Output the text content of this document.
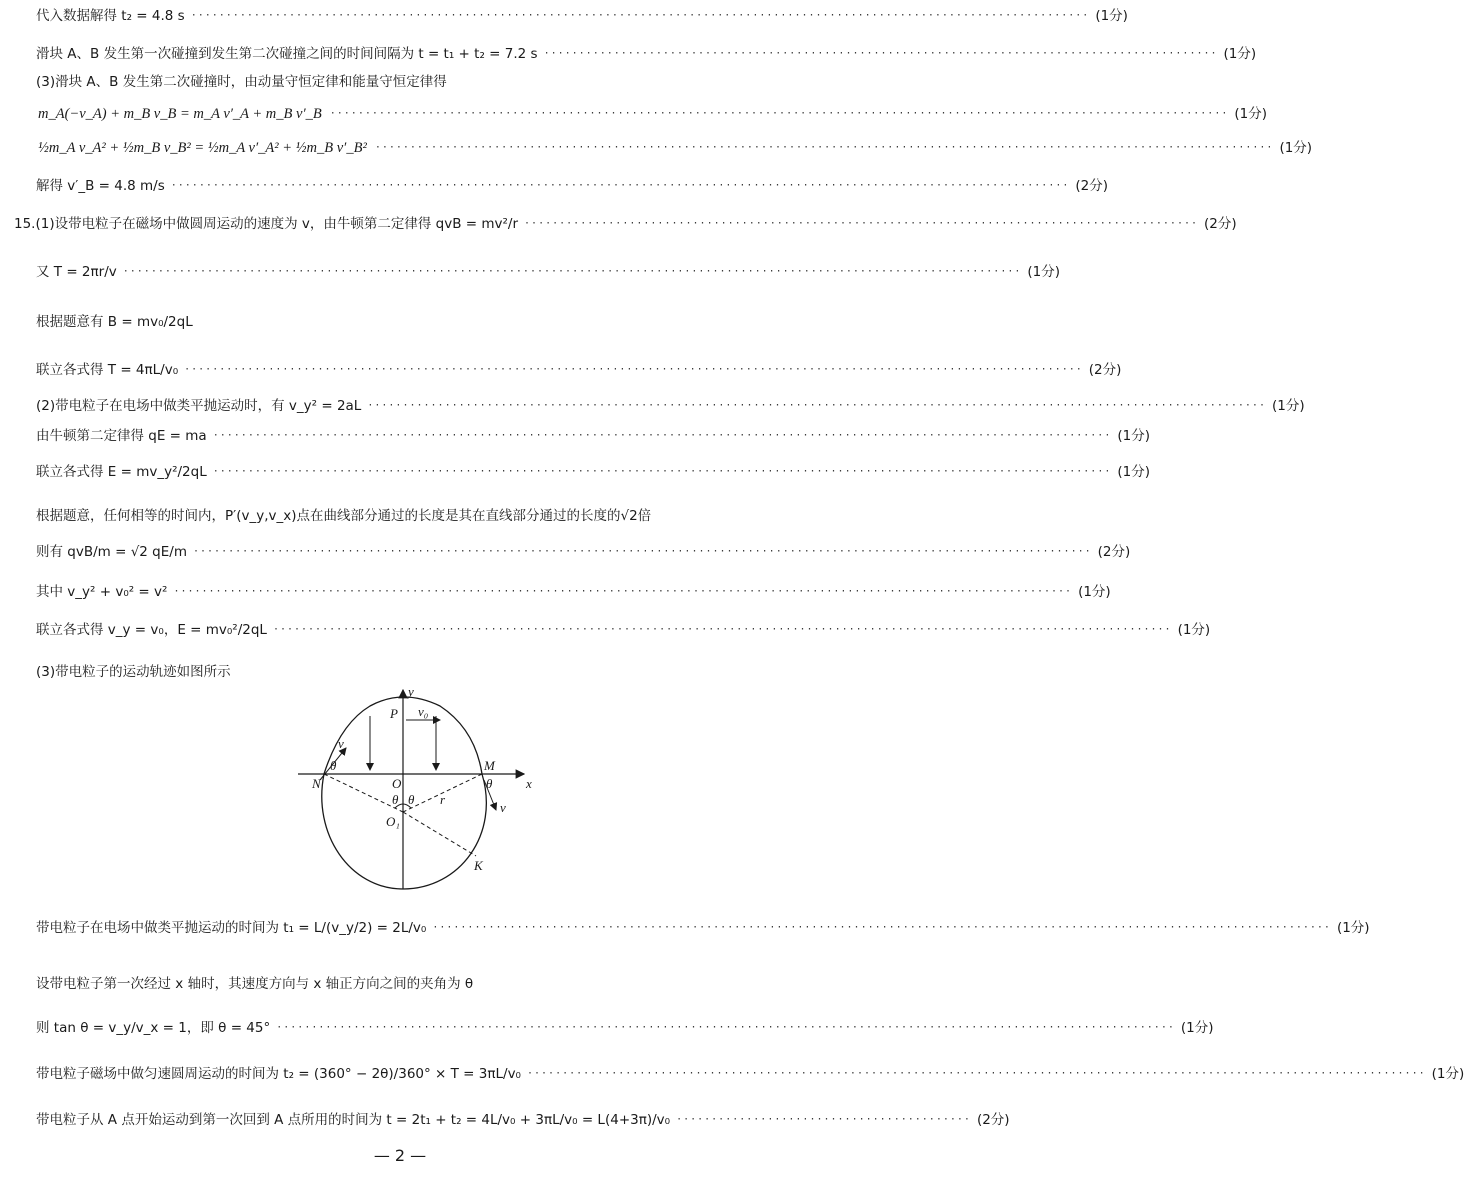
代入数据解得 t₂ = 4.8 s ································································································································ (1分)
滑块 A、B 发生第一次碰撞到发生第二次碰撞之间的时间间隔为 t = t₁ + t₂ = 7.2 s ································································································ (1分)
(3)滑块 A、B 发生第二次碰撞时，由动量守恒定律和能量守恒定律得
m_A(−v_A) + m_B v_B = m_A v′_A + m_B v′_B ································································································································ (1分)
½m_A v_A² + ½m_B v_B² = ½m_A v′_A² + ½m_B v′_B² ································································································································ (1分)
解得 v′_B = 4.8 m/s ································································································································ (2分)
15.(1)设带电粒子在磁场中做圆周运动的速度为 v，由牛顿第二定律得 qvB = mv²/r ································································································ (2分)
又 T = 2πr/v ································································································································ (1分)
根据题意有 B = mv₀/2qL
联立各式得 T = 4πL/v₀ ································································································································ (2分)
(2)带电粒子在电场中做类平抛运动时，有 v_y² = 2aL ································································································································ (1分)
由牛顿第二定律得 qE = ma ································································································································ (1分)
联立各式得 E = mv_y²/2qL ································································································································ (1分)
根据题意，任何相等的时间内，P′(v_y,v_x)点在曲线部分通过的长度是其在直线部分通过的长度的√2倍
则有 qvB/m = √2 qE/m ································································································································ (2分)
其中 v_y² + v₀² = v² ································································································································ (1分)
联立各式得 v_y = v₀，E = mv₀²/2qL ································································································································ (1分)
(3)带电粒子的运动轨迹如图所示
y
x
P v₀
v
θ
N	O
M
θ
v
r
θ θ
O₁
K
带电粒子在电场中做类平抛运动的时间为 t₁ = L/(v_y/2) = 2L/v₀ ································································································································ (1分)
设带电粒子第一次经过 x 轴时，其速度方向与 x 轴正方向之间的夹角为 θ
则 tan θ = v_y/v_x = 1，即 θ = 45° ································································································································ (1分)
带电粒子磁场中做匀速圆周运动的时间为 t₂ = (360° − 2θ)/360° × T = 3πL/v₀ ································································································································ (1分)
带电粒子从 A 点开始运动到第一次回到 A 点所用的时间为 t = 2t₁ + t₂ = 4L/v₀ + 3πL/v₀ = L(4+3π)/v₀ ·········································· (2分)
— 2 —
